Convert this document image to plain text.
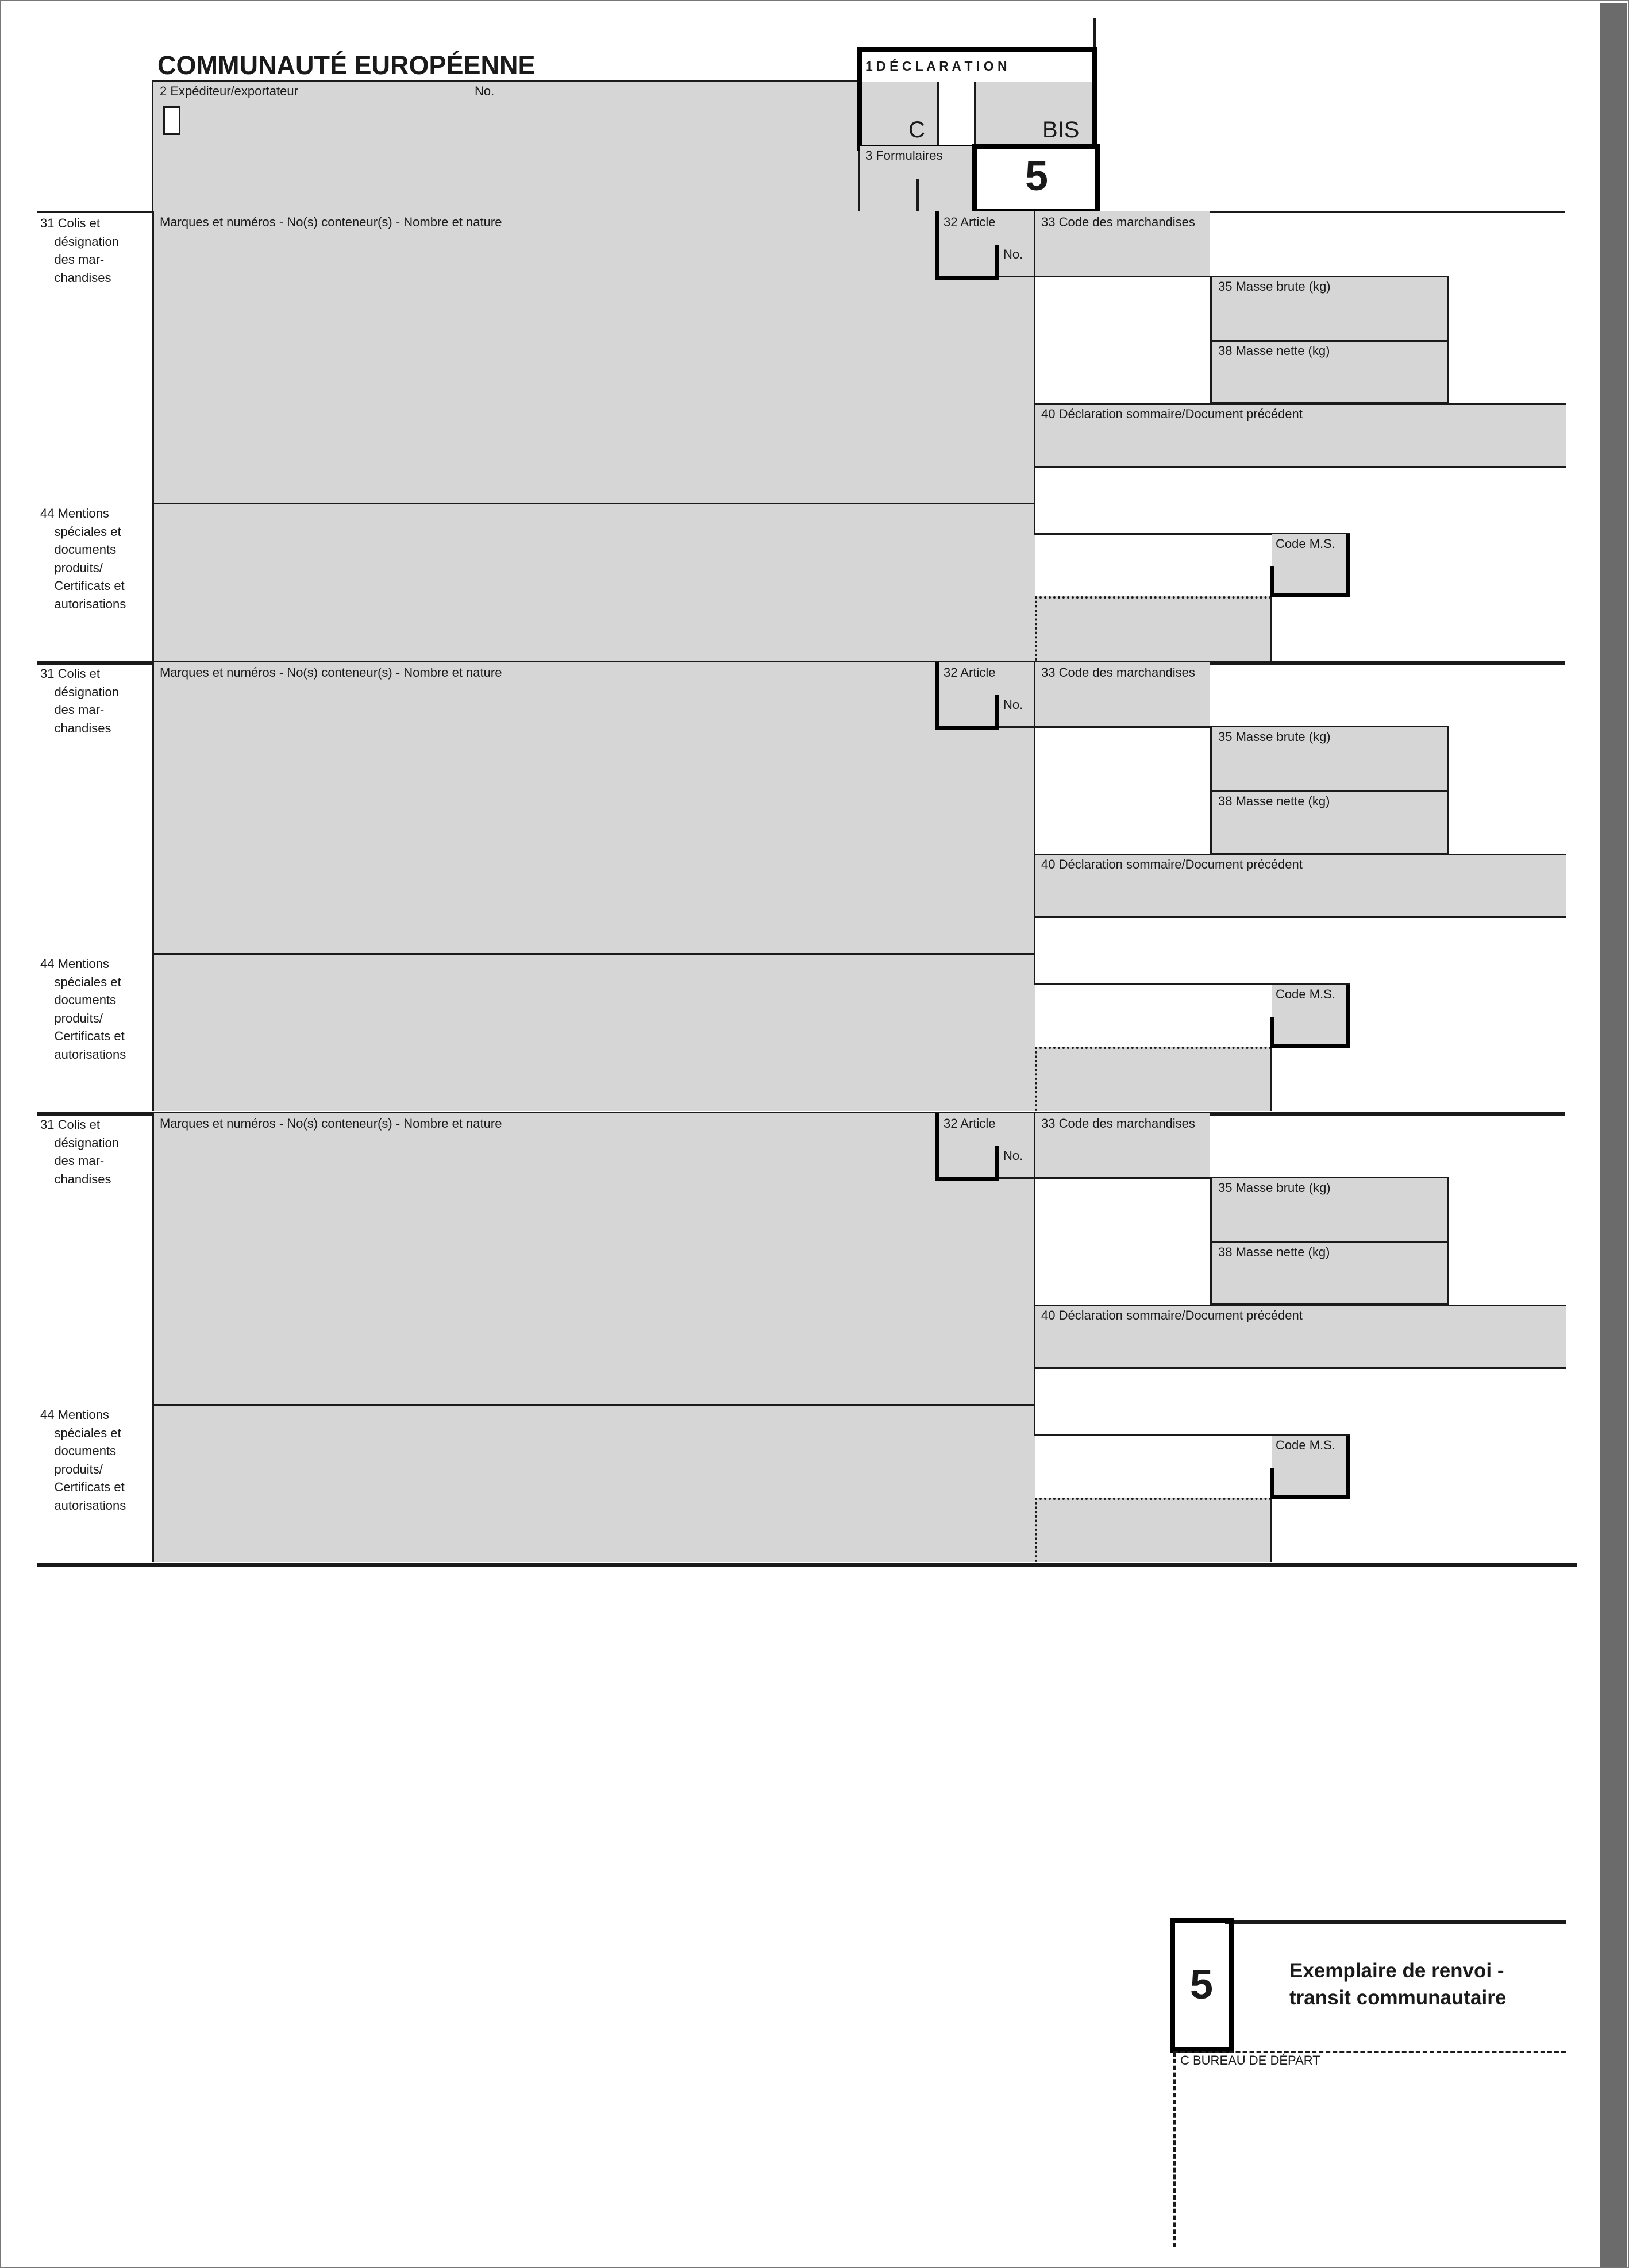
COMMUNAUTÉ EUROPÉENNE
2 Expéditeur/exportateur	No.
1 D É C L A R A T I O N
C	BIS
3 Formulaires 5
31 Colis et
désignation
des mar-
chandises
44 Mentions
spéciales et
documents
produits/
Certificats et
autorisations
Marques et numéros - No(s) conteneur(s) - Nombre et nature	32 Article
No.
33 Code des marchandises
35 Masse brute (kg)
38 Masse nette (kg)
40 Déclaration sommaire/Document précédent
Code M.S.
31 Colis et
désignation
des mar-
chandises
44 Mentions
spéciales et
documents
produits/
Certificats et
autorisations
Marques et numéros - No(s) conteneur(s) - Nombre et nature	32 Article
No.
33 Code des marchandises
35 Masse brute (kg)
38 Masse nette (kg)
40 Déclaration sommaire/Document précédent
Code M.S.
31 Colis et
désignation
des mar-
chandises
44 Mentions
spéciales et
documents
produits/
Certificats et
autorisations
Marques et numéros - No(s) conteneur(s) - Nombre et nature	32 Article
No.
33 Code des marchandises
35 Masse brute (kg)
38 Masse nette (kg)
40 Déclaration sommaire/Document précédent
Code M.S.
5	Exemplaire de renvoi -
transit communautaire
C BUREAU DE DÉPART
